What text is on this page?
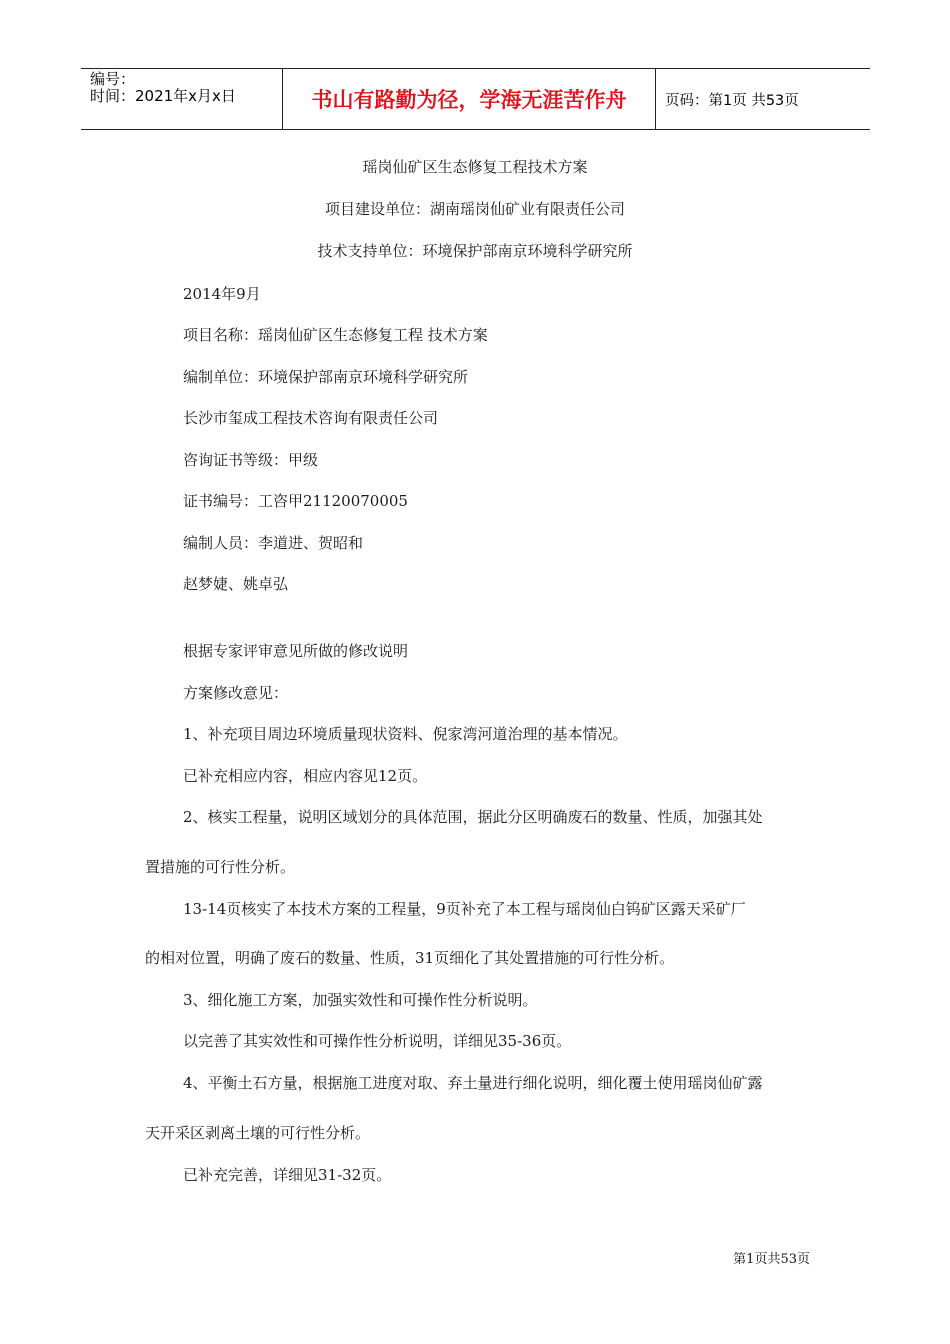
编号：
时间：2021年x月x日	书山有路勤为径，学海无涯苦作舟	页码：第1页 共53页
瑶岗仙矿区生态修复工程技术方案
项目建设单位：湖南瑶岗仙矿业有限责任公司
技术支持单位：环境保护部南京环境科学研究所
2014年9月
项目名称：瑶岗仙矿区生态修复工程 技术方案
编制单位：环境保护部南京环境科学研究所
长沙市玺成工程技术咨询有限责任公司
咨询证书等级：甲级
证书编号：工咨甲21120070005
编制人员：李道进、贺昭和
赵梦婕、姚卓弘
根据专家评审意见所做的修改说明
方案修改意见：
1、补充项目周边环境质量现状资料、倪家湾河道治理的基本情况。
已补充相应内容，相应内容见12页。
2、核实工程量，说明区域划分的具体范围，据此分区明确废石的数量、性质，加强其处
置措施的可行性分析。
13-14页核实了本技术方案的工程量，9页补充了本工程与瑶岗仙白钨矿区露天采矿厂
的相对位置，明确了废石的数量、性质，31页细化了其处置措施的可行性分析。
3、细化施工方案，加强实效性和可操作性分析说明。
以完善了其实效性和可操作性分析说明，详细见35-36页。
4、平衡土石方量，根据施工进度对取、弃土量进行细化说明，细化覆土使用瑶岗仙矿露
天开采区剥离土壤的可行性分析。
已补充完善，详细见31-32页。
第1页共53页
